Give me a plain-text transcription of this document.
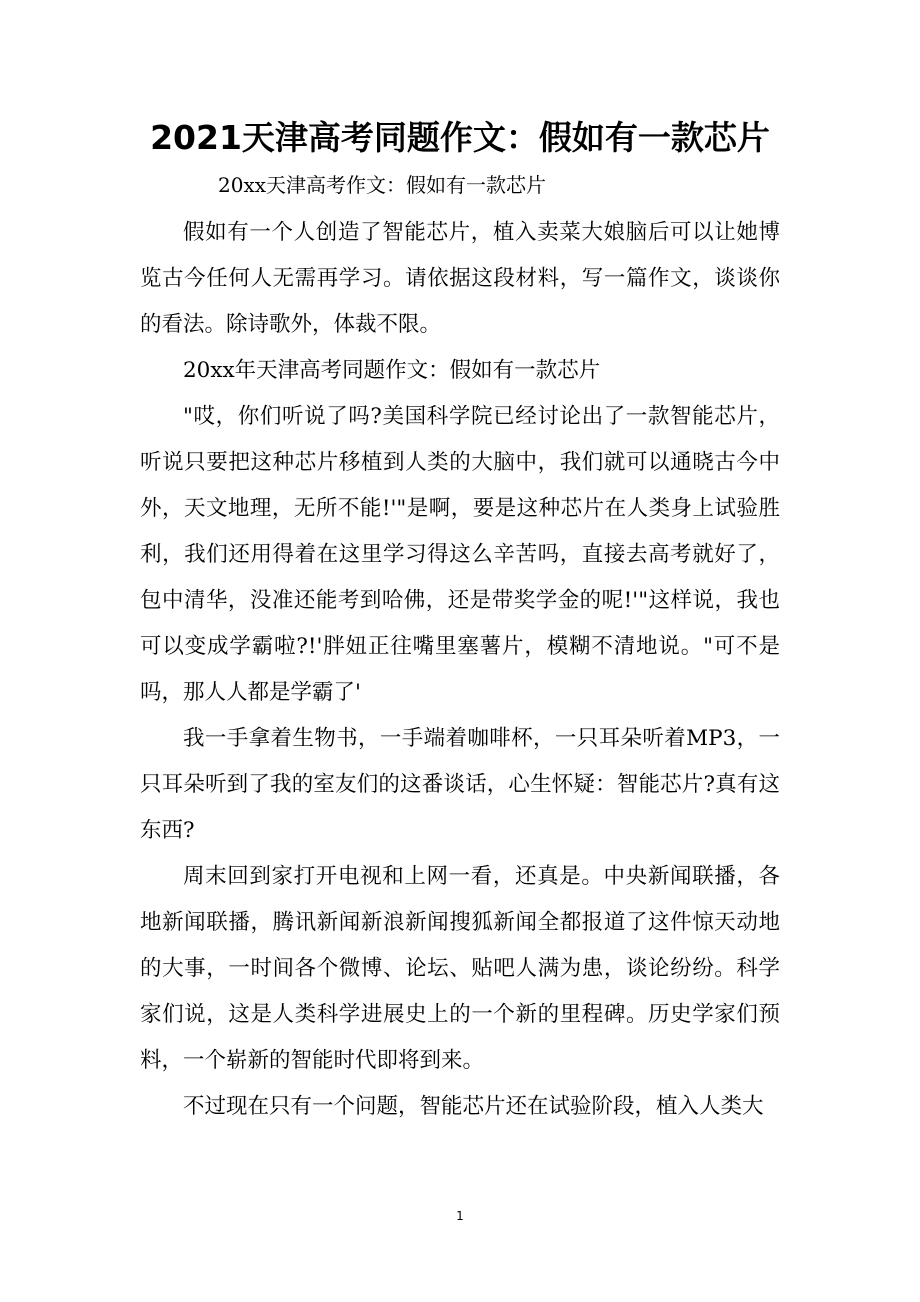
2021天津高考同题作文：假如有一款芯片

20xx天津高考作文：假如有一款芯片

假如有一个人创造了智能芯片，植入卖菜大娘脑后可以让她博览古今任何人无需再学习。请依据这段材料，写一篇作文，谈谈你的看法。除诗歌外，体裁不限。

20xx年天津高考同题作文：假如有一款芯片

"哎，你们听说了吗?美国科学院已经讨论出了一款智能芯片，听说只要把这种芯片移植到人类的大脑中，我们就可以通晓古今中外，天文地理，无所不能!'"是啊，要是这种芯片在人类身上试验胜利，我们还用得着在这里学习得这么辛苦吗，直接去高考就好了，包中清华，没准还能考到哈佛，还是带奖学金的呢!'"这样说，我也可以变成学霸啦?!'胖妞正往嘴里塞薯片，模糊不清地说。"可不是吗，那人人都是学霸了'

我一手拿着生物书，一手端着咖啡杯，一只耳朵听着MP3，一只耳朵听到了我的室友们的这番谈话，心生怀疑：智能芯片?真有这东西?

周末回到家打开电视和上网一看，还真是。中央新闻联播，各地新闻联播，腾讯新闻新浪新闻搜狐新闻全都报道了这件惊天动地的大事，一时间各个微博、论坛、贴吧人满为患，谈论纷纷。科学家们说，这是人类科学进展史上的一个新的里程碑。历史学家们预料，一个崭新的智能时代即将到来。

不过现在只有一个问题，智能芯片还在试验阶段，植入人类大

1
